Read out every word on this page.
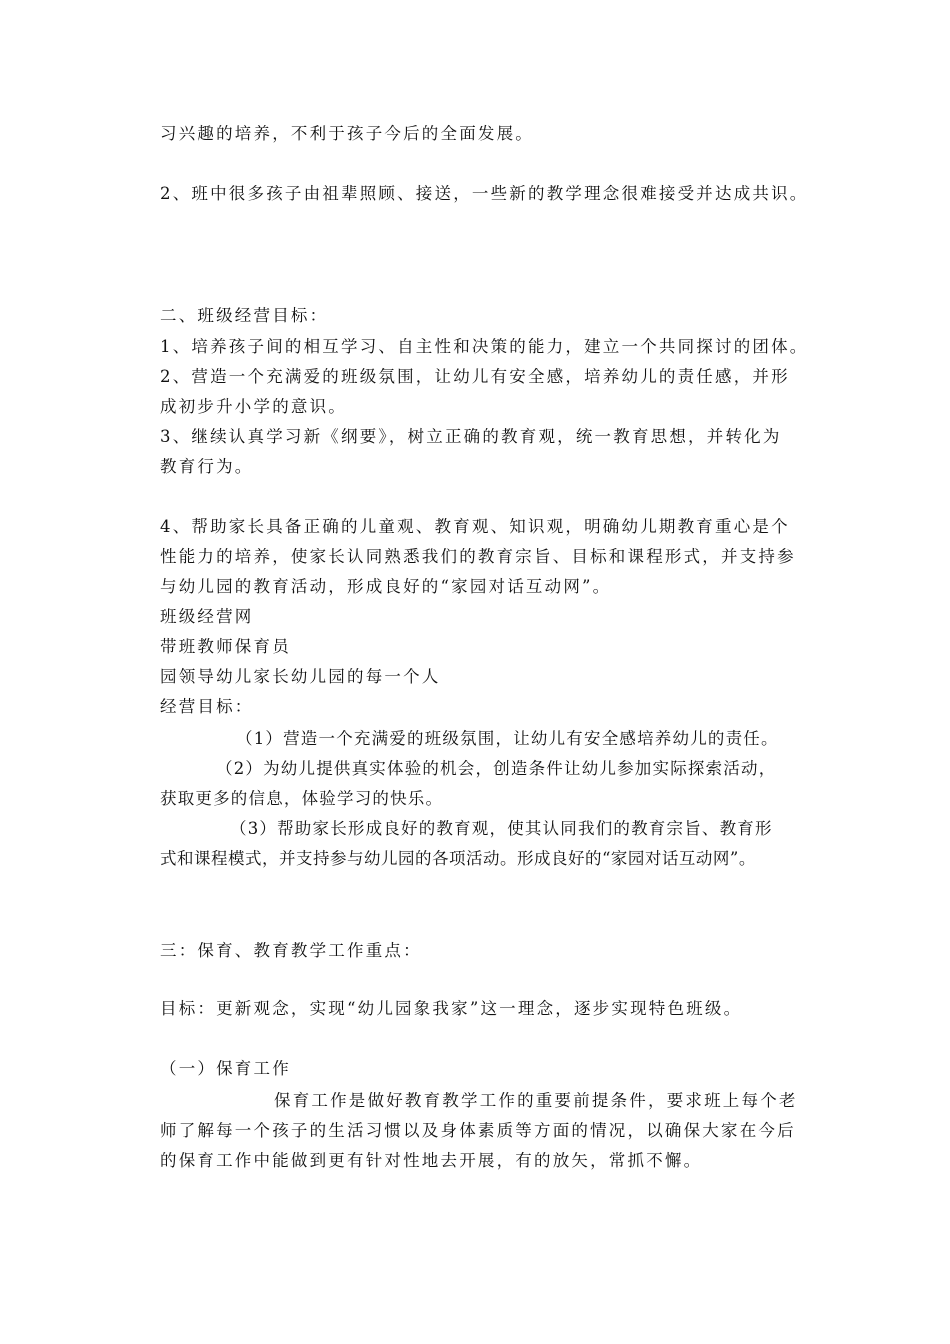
习兴趣的培养，不利于孩子今后的全面发展。
2、班中很多孩子由祖辈照顾、接送，一些新的教学理念很难接受并达成共识。
二、班级经营目标：
1、培养孩子间的相互学习、自主性和决策的能力，建立一个共同探讨的团体。
2、营造一个充满爱的班级氛围，让幼儿有安全感，培养幼儿的责任感，并形
成初步升小学的意识。
3、继续认真学习新《纲要》，树立正确的教育观，统一教育思想，并转化为
教育行为。
4、帮助家长具备正确的儿童观、教育观、知识观，明确幼儿期教育重心是个
性能力的培养，使家长认同熟悉我们的教育宗旨、目标和课程形式，并支持参
与幼儿园的教育活动，形成良好的“家园对话互动网”。
班级经营网
带班教师保育员
园领导幼儿家长幼儿园的每一个人
经营目标：
（1）营造一个充满爱的班级氛围，让幼儿有安全感培养幼儿的责任。
（2）为幼儿提供真实体验的机会，创造条件让幼儿参加实际探索活动，
获取更多的信息，体验学习的快乐。
（3）帮助家长形成良好的教育观，使其认同我们的教育宗旨、教育形
式和课程模式，并支持参与幼儿园的各项活动。形成良好的“家园对话互动网”。
三：保育、教育教学工作重点：
目标：更新观念，实现“幼儿园象我家”这一理念，逐步实现特色班级。
（一）保育工作
保育工作是做好教育教学工作的重要前提条件，要求班上每个老
师了解每一个孩子的生活习惯以及身体素质等方面的情况，以确保大家在今后
的保育工作中能做到更有针对性地去开展，有的放矢，常抓不懈。
